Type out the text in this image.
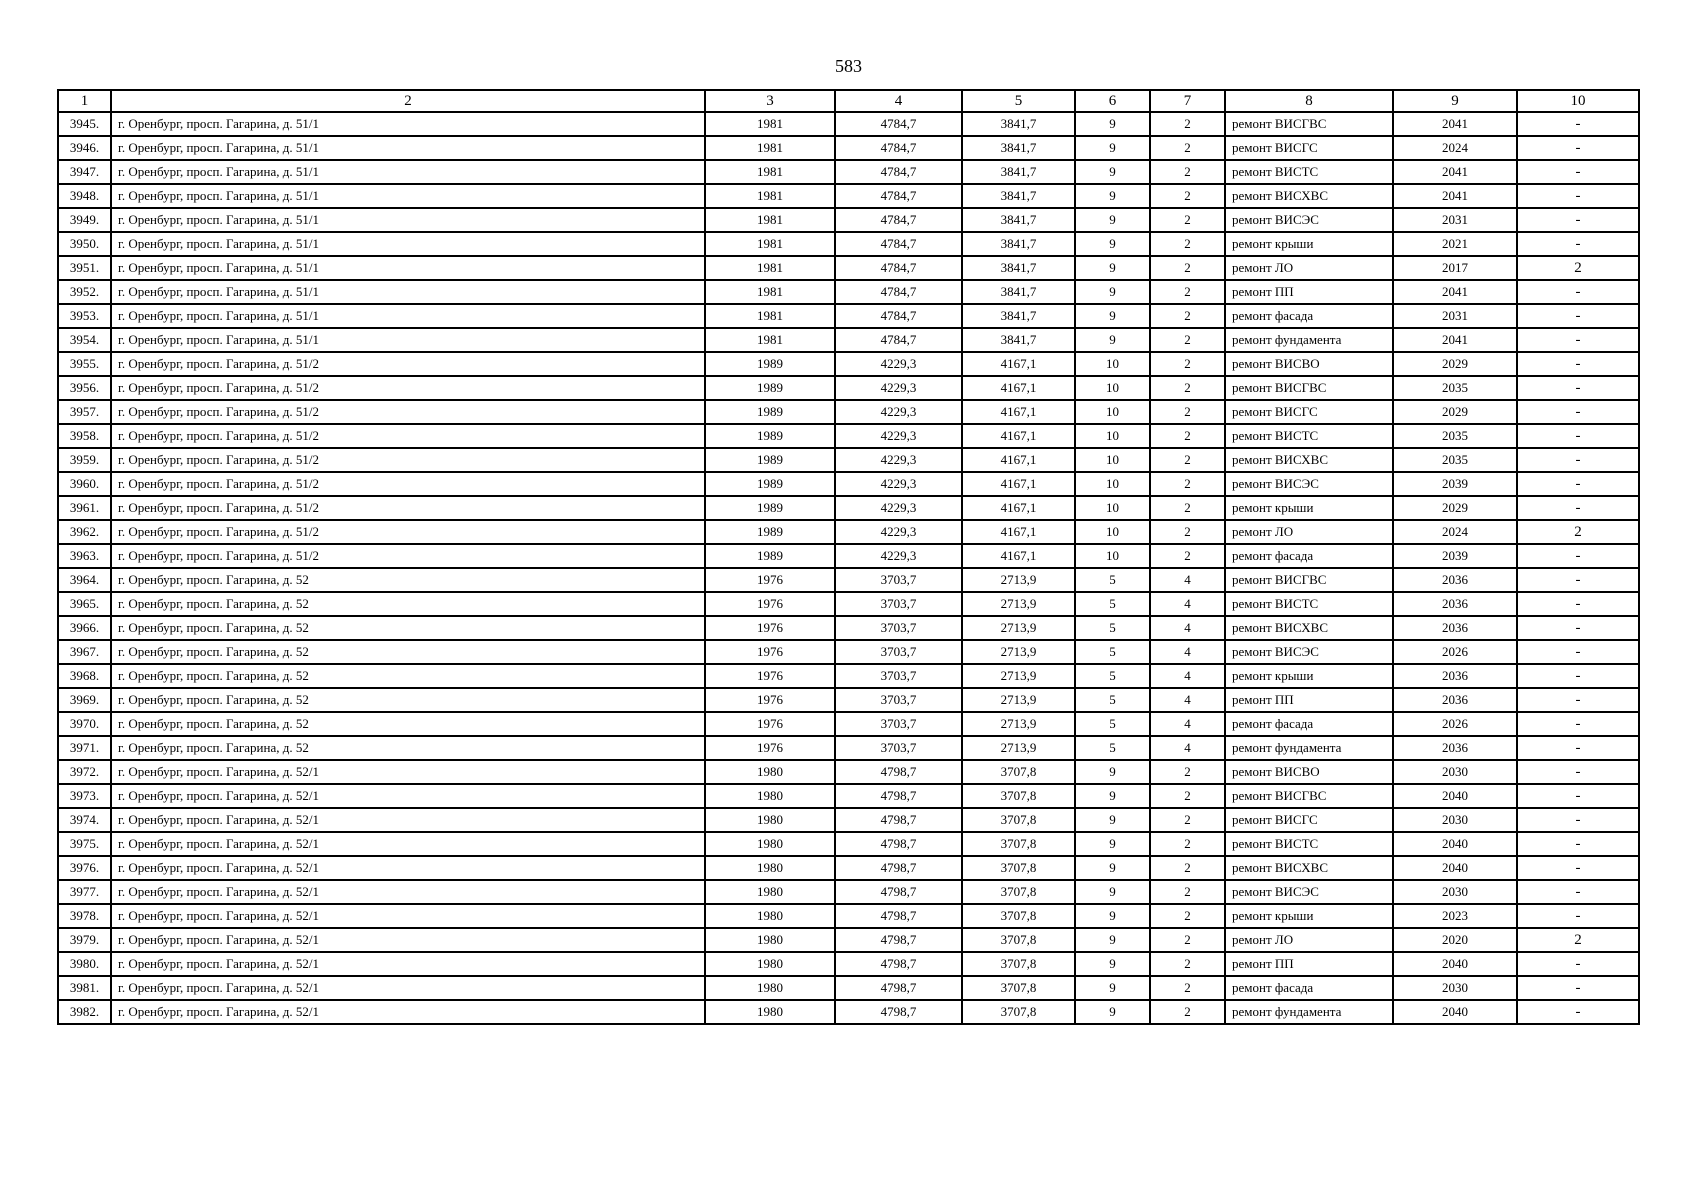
583
1	2	3	4	5	6	7	8	9	10
3945.	г. Оренбург, просп. Гагарина, д. 51/1	1981	4784,7	3841,7	9	2	ремонт ВИСГВС	2041	-
3946.	г. Оренбург, просп. Гагарина, д. 51/1	1981	4784,7	3841,7	9	2	ремонт ВИСГС	2024	-
3947.	г. Оренбург, просп. Гагарина, д. 51/1	1981	4784,7	3841,7	9	2	ремонт ВИСТС	2041	-
3948.	г. Оренбург, просп. Гагарина, д. 51/1	1981	4784,7	3841,7	9	2	ремонт ВИСХВС	2041	-
3949.	г. Оренбург, просп. Гагарина, д. 51/1	1981	4784,7	3841,7	9	2	ремонт ВИСЭС	2031	-
3950.	г. Оренбург, просп. Гагарина, д. 51/1	1981	4784,7	3841,7	9	2	ремонт крыши	2021	-
3951.	г. Оренбург, просп. Гагарина, д. 51/1	1981	4784,7	3841,7	9	2	ремонт ЛО	2017	2
3952.	г. Оренбург, просп. Гагарина, д. 51/1	1981	4784,7	3841,7	9	2	ремонт ПП	2041	-
3953.	г. Оренбург, просп. Гагарина, д. 51/1	1981	4784,7	3841,7	9	2	ремонт фасада	2031	-
3954.	г. Оренбург, просп. Гагарина, д. 51/1	1981	4784,7	3841,7	9	2	ремонт фундамента	2041	-
3955.	г. Оренбург, просп. Гагарина, д. 51/2	1989	4229,3	4167,1	10	2	ремонт ВИСВО	2029	-
3956.	г. Оренбург, просп. Гагарина, д. 51/2	1989	4229,3	4167,1	10	2	ремонт ВИСГВС	2035	-
3957.	г. Оренбург, просп. Гагарина, д. 51/2	1989	4229,3	4167,1	10	2	ремонт ВИСГС	2029	-
3958.	г. Оренбург, просп. Гагарина, д. 51/2	1989	4229,3	4167,1	10	2	ремонт ВИСТС	2035	-
3959.	г. Оренбург, просп. Гагарина, д. 51/2	1989	4229,3	4167,1	10	2	ремонт ВИСХВС	2035	-
3960.	г. Оренбург, просп. Гагарина, д. 51/2	1989	4229,3	4167,1	10	2	ремонт ВИСЭС	2039	-
3961.	г. Оренбург, просп. Гагарина, д. 51/2	1989	4229,3	4167,1	10	2	ремонт крыши	2029	-
3962.	г. Оренбург, просп. Гагарина, д. 51/2	1989	4229,3	4167,1	10	2	ремонт ЛО	2024	2
3963.	г. Оренбург, просп. Гагарина, д. 51/2	1989	4229,3	4167,1	10	2	ремонт фасада	2039	-
3964.	г. Оренбург, просп. Гагарина, д. 52	1976	3703,7	2713,9	5	4	ремонт ВИСГВС	2036	-
3965.	г. Оренбург, просп. Гагарина, д. 52	1976	3703,7	2713,9	5	4	ремонт ВИСТС	2036	-
3966.	г. Оренбург, просп. Гагарина, д. 52	1976	3703,7	2713,9	5	4	ремонт ВИСХВС	2036	-
3967.	г. Оренбург, просп. Гагарина, д. 52	1976	3703,7	2713,9	5	4	ремонт ВИСЭС	2026	-
3968.	г. Оренбург, просп. Гагарина, д. 52	1976	3703,7	2713,9	5	4	ремонт крыши	2036	-
3969.	г. Оренбург, просп. Гагарина, д. 52	1976	3703,7	2713,9	5	4	ремонт ПП	2036	-
3970.	г. Оренбург, просп. Гагарина, д. 52	1976	3703,7	2713,9	5	4	ремонт фасада	2026	-
3971.	г. Оренбург, просп. Гагарина, д. 52	1976	3703,7	2713,9	5	4	ремонт фундамента	2036	-
3972.	г. Оренбург, просп. Гагарина, д. 52/1	1980	4798,7	3707,8	9	2	ремонт ВИСВО	2030	-
3973.	г. Оренбург, просп. Гагарина, д. 52/1	1980	4798,7	3707,8	9	2	ремонт ВИСГВС	2040	-
3974.	г. Оренбург, просп. Гагарина, д. 52/1	1980	4798,7	3707,8	9	2	ремонт ВИСГС	2030	-
3975.	г. Оренбург, просп. Гагарина, д. 52/1	1980	4798,7	3707,8	9	2	ремонт ВИСТС	2040	-
3976.	г. Оренбург, просп. Гагарина, д. 52/1	1980	4798,7	3707,8	9	2	ремонт ВИСХВС	2040	-
3977.	г. Оренбург, просп. Гагарина, д. 52/1	1980	4798,7	3707,8	9	2	ремонт ВИСЭС	2030	-
3978.	г. Оренбург, просп. Гагарина, д. 52/1	1980	4798,7	3707,8	9	2	ремонт крыши	2023	-
3979.	г. Оренбург, просп. Гагарина, д. 52/1	1980	4798,7	3707,8	9	2	ремонт ЛО	2020	2
3980.	г. Оренбург, просп. Гагарина, д. 52/1	1980	4798,7	3707,8	9	2	ремонт ПП	2040	-
3981.	г. Оренбург, просп. Гагарина, д. 52/1	1980	4798,7	3707,8	9	2	ремонт фасада	2030	-
3982.	г. Оренбург, просп. Гагарина, д. 52/1	1980	4798,7	3707,8	9	2	ремонт фундамента	2040	-
